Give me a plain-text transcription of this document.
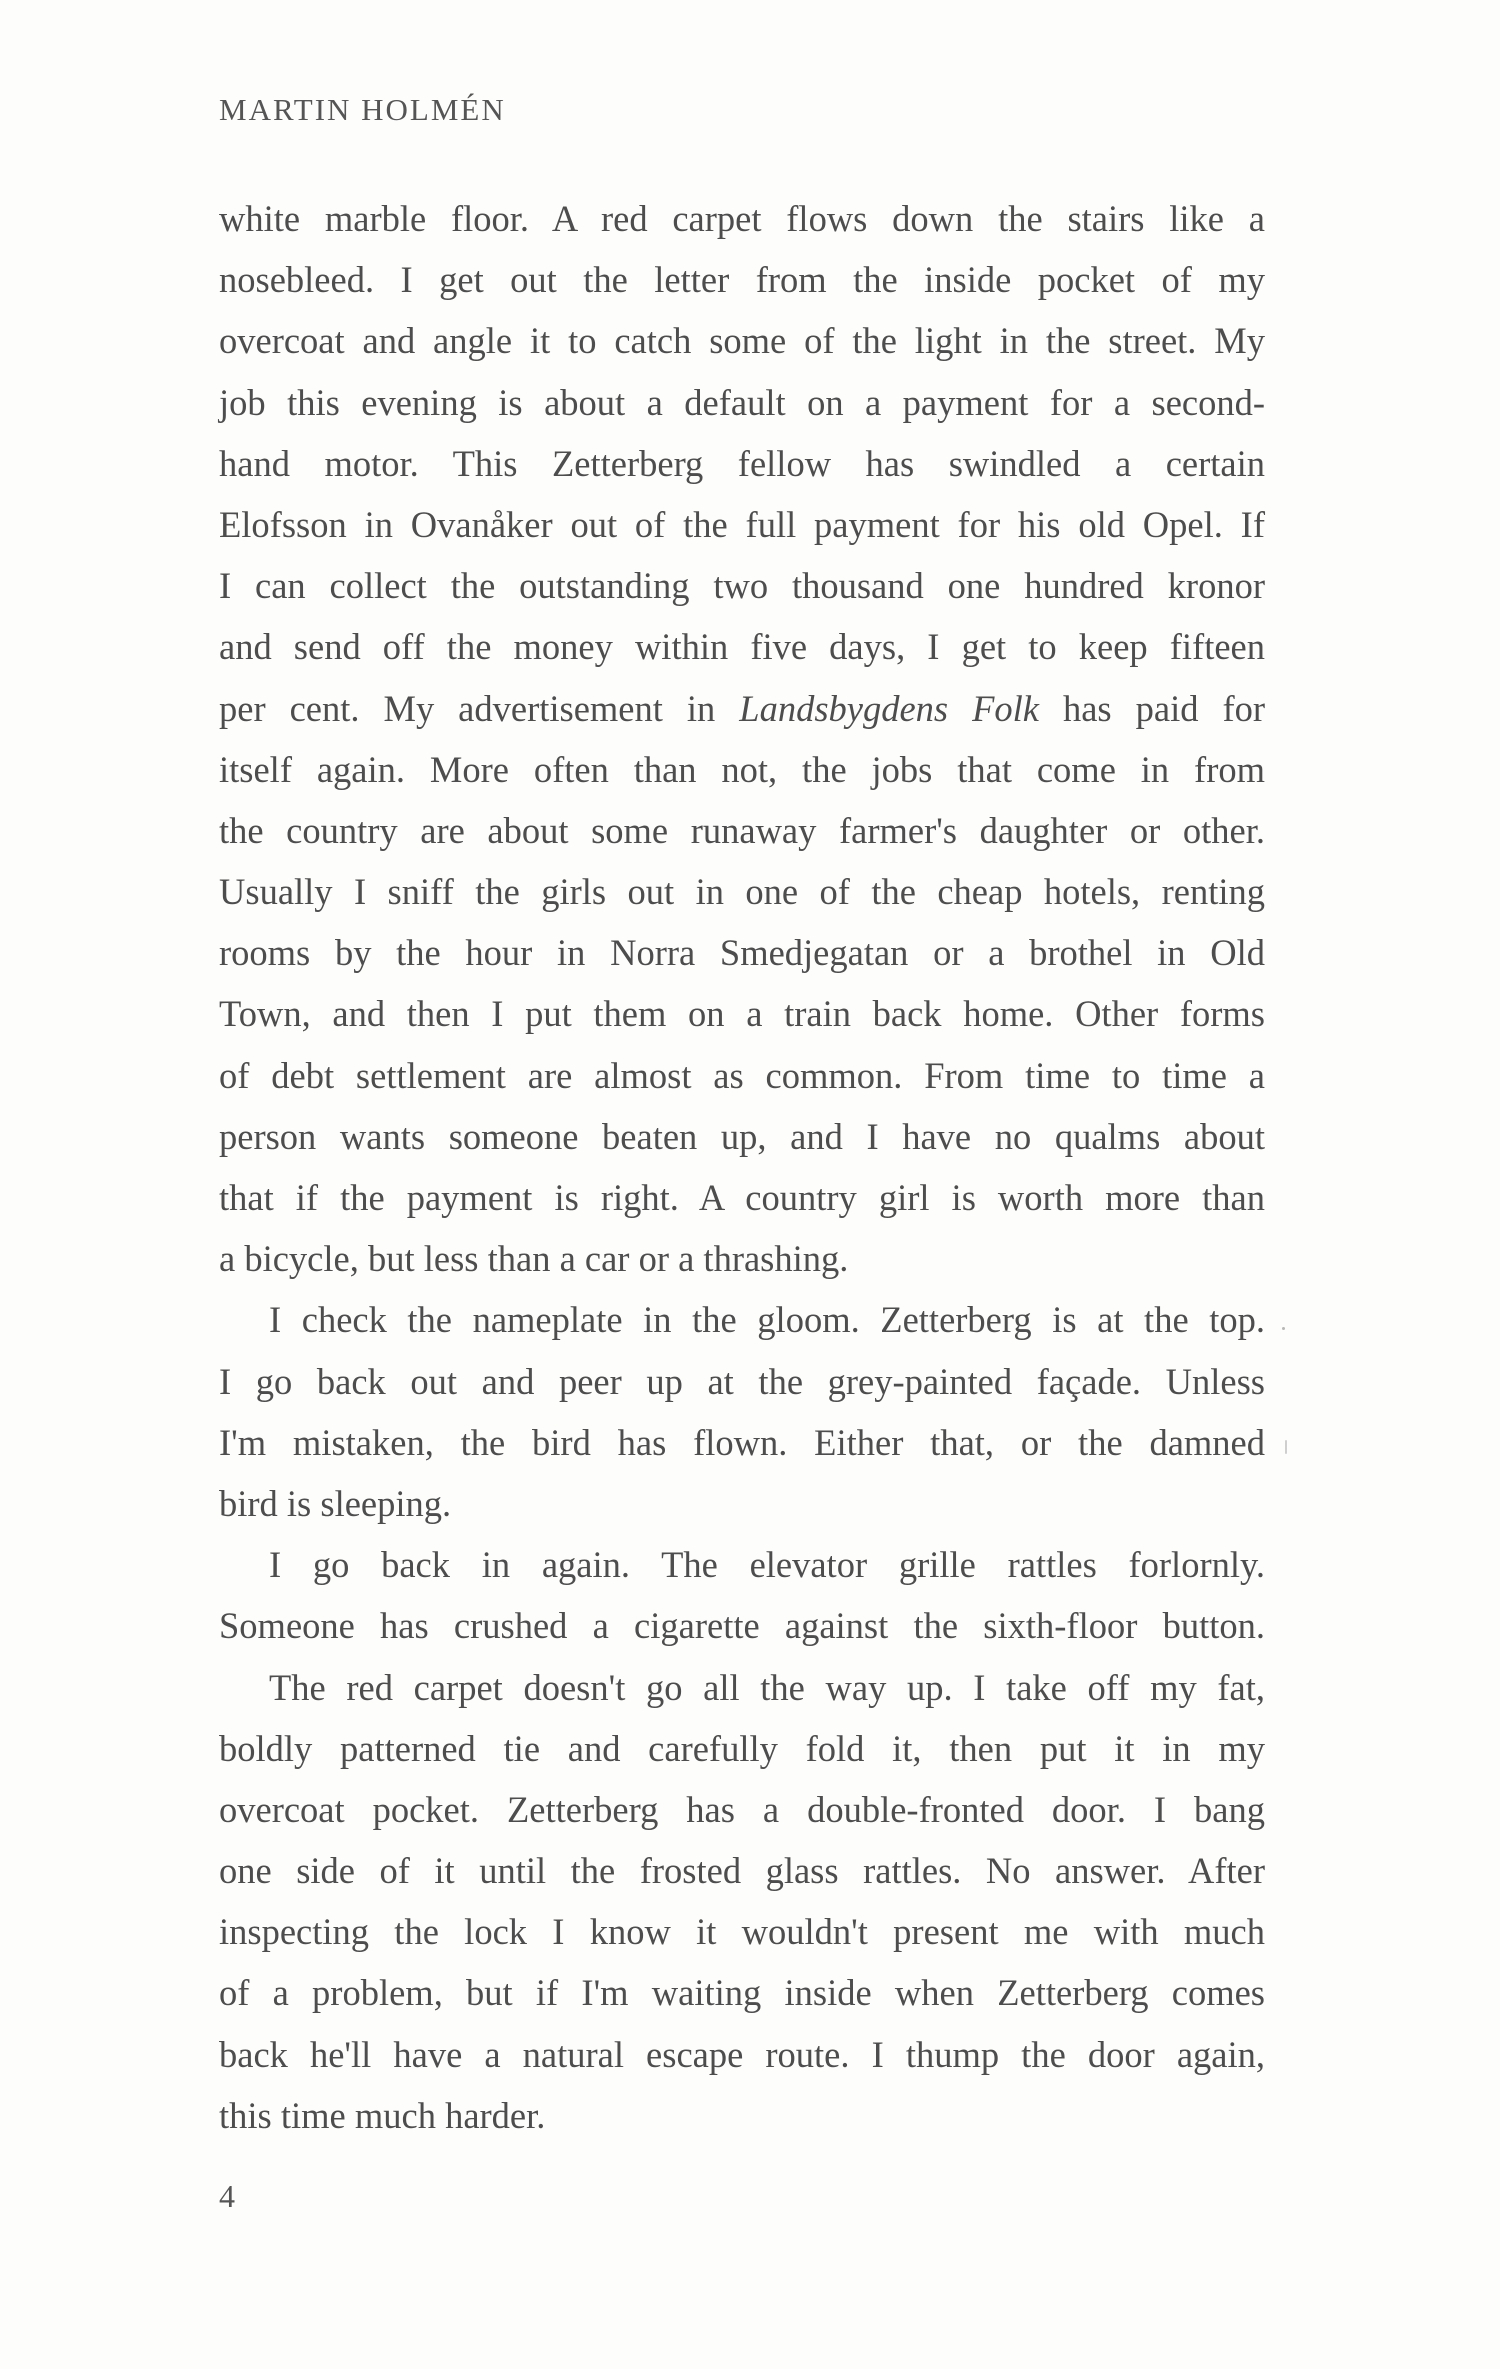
MARTIN HOLMÉN
white marble floor. A red carpet flows down the stairs like a
nosebleed. I get out the letter from the inside pocket of my
overcoat and angle it to catch some of the light in the street. My
job this evening is about a default on a payment for a second-
hand motor. This Zetterberg fellow has swindled a certain
Elofsson in Ovanåker out of the full payment for his old Opel. If
I can collect the outstanding two thousand one hundred kronor
and send off the money within five days, I get to keep fifteen
per cent. My advertisement in Landsbygdens Folk has paid for
itself again. More often than not, the jobs that come in from
the country are about some runaway farmer's daughter or other.
Usually I sniff the girls out in one of the cheap hotels, renting
rooms by the hour in Norra Smedjegatan or a brothel in Old
Town, and then I put them on a train back home. Other forms
of debt settlement are almost as common. From time to time a
person wants someone beaten up, and I have no qualms about
that if the payment is right. A country girl is worth more than
a bicycle, but less than a car or a thrashing.
I check the nameplate in the gloom. Zetterberg is at the top.
I go back out and peer up at the grey-painted façade. Unless
I'm mistaken, the bird has flown. Either that, or the damned
bird is sleeping.
I go back in again. The elevator grille rattles forlornly.
Someone has crushed a cigarette against the sixth-floor button.
The red carpet doesn't go all the way up. I take off my fat,
boldly patterned tie and carefully fold it, then put it in my
overcoat pocket. Zetterberg has a double-fronted door. I bang
one side of it until the frosted glass rattles. No answer. After
inspecting the lock I know it wouldn't present me with much
of a problem, but if I'm waiting inside when Zetterberg comes
back he'll have a natural escape route. I thump the door again,
this time much harder.
4
